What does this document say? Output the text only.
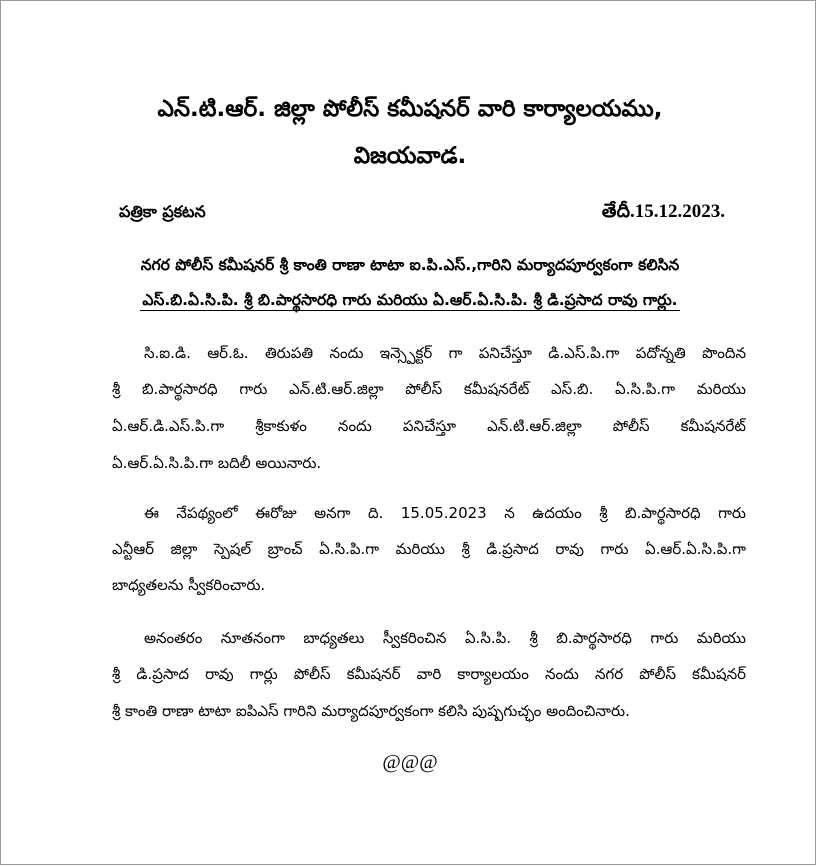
ఎన్.టి.ఆర్. జిల్లా పోలీస్ కమీషనర్ వారి కార్యాలయము,
విజయవాడ.
పత్రికా ప్రకటన	తేదీ.15.12.2023.
నగర పోలీస్ కమీషనర్ శ్రీ కాంతి రాణా టాటా ఐ.పి.ఎస్.,గారిని మర్యాదపూర్వకంగా కలిసిన
ఎస్.బి.ఏ.సి.పి. శ్రీ బి.పార్థసారధి గారు మరియు ఏ.ఆర్.ఏ.సి.పి. శ్రీ డి.ప్రసాద రావు గార్లు.
సి.ఐ.డి. ఆర్.ఓ. తిరుపతి నందు ఇన్స్పెక్టర్ గా పనిచేస్తూ డి.ఎస్.పి.గా పదోన్నతి పొందిన
శ్రీ బి.పార్థసారధి గారు ఎన్.టి.ఆర్.జిల్లా పోలీస్ కమీషనరేట్ ఎస్.బి. ఏ.సి.పి.గా మరియు
ఏ.ఆర్.డి.ఎస్.పి.గా శ్రీకాకుళం నందు పనిచేస్తూ ఎన్.టి.ఆర్.జిల్లా పోలీస్ కమీషనరేట్
ఏ.ఆర్.ఏ.సి.పి.గా బదిలీ అయినారు.
ఈ నేపథ్యంలో ఈరోజు అనగా ది. 15.05.2023 న ఉదయం శ్రీ బి.పార్థసారధి గారు
ఎన్టీఆర్ జిల్లా స్పెషల్ బ్రాంచ్ ఏ.సి.పి.గా మరియు శ్రీ డి.ప్రసాద రావు గారు ఏ.ఆర్.ఏ.సి.పి.గా
బాధ్యతలను స్వీకరించారు.
అనంతరం నూతనంగా బాధ్యతలు స్వీకరించిన ఏ.సి.పి. శ్రీ బి.పార్థసారధి గారు మరియు
శ్రీ డి.ప్రసాద రావు గార్లు పోలీస్ కమీషనర్ వారి కార్యాలయం నందు నగర పోలీస్ కమీషనర్
శ్రీ కాంతి రాణా టాటా ఐపిఎస్ గారిని మర్యాదపూర్వకంగా కలిసి పుష్పగుచ్ఛం అందించినారు.
@@@
